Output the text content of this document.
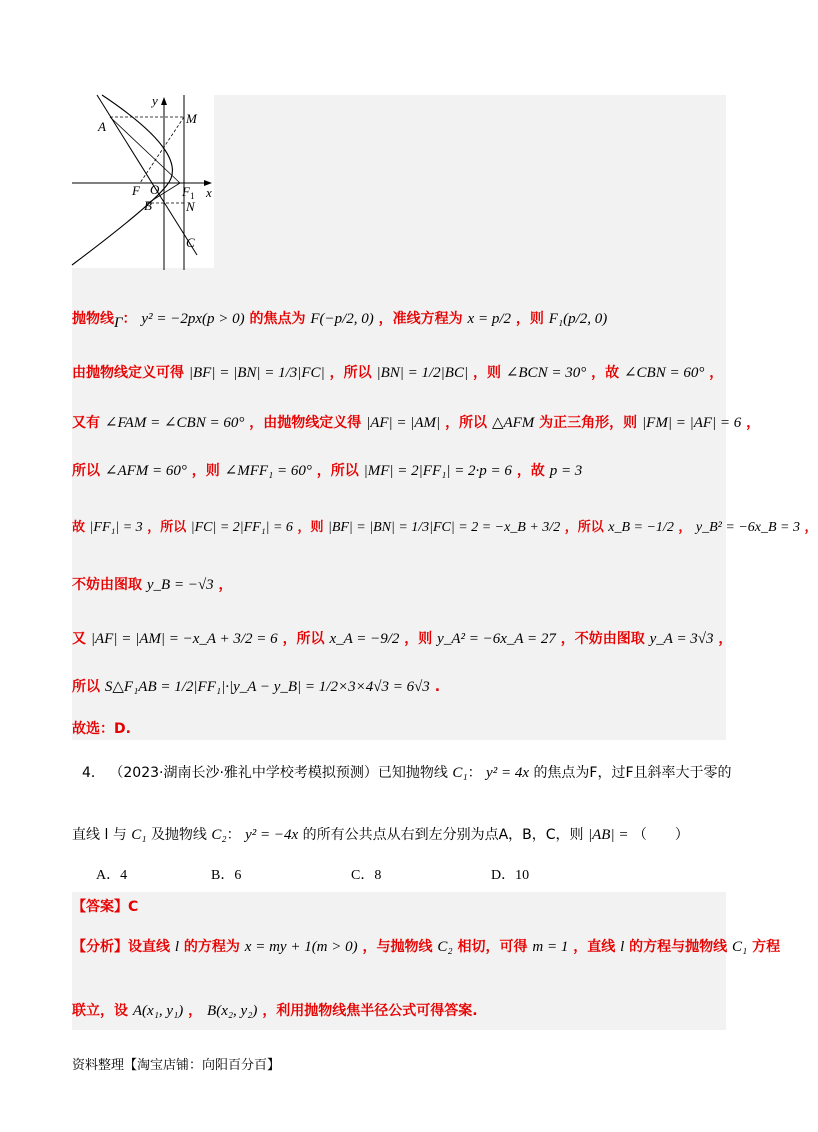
y
x
A
M
F O F 1
B	N
C
抛物线$_\Gamma$： y² = −2px(p > 0) 的焦点为 F(−p/2, 0) ，准线方程为 x = p/2 ，则 F₁(p/2, 0)
由抛物线定义可得 |BF| = |BN| = 1/3|FC| ，所以 |BN| = 1/2|BC| ，则 ∠BCN = 30° ，故 ∠CBN = 60° ，
又有 ∠FAM = ∠CBN = 60° ，由抛物线定义得 |AF| = |AM| ，所以 △AFM 为正三角形，则 |FM| = |AF| = 6 ，
所以 ∠AFM = 60° ，则 ∠MFF₁ = 60° ，所以 |MF| = 2|FF₁| = 2·p = 6 ，故 p = 3
故 |FF₁| = 3 ，所以 |FC| = 2|FF₁| = 6 ，则 |BF| = |BN| = 1/3|FC| = 2 = −x_B + 3/2 ，所以 x_B = −1/2 ， y_B² = −6x_B = 3 ，
不妨由图取 y_B = −√3 ，
又 |AF| = |AM| = −x_A + 3/2 = 6 ，所以 x_A = −9/2 ，则 y_A² = −6x_A = 27 ，不妨由图取 y_A = 3√3 ，
所以 S△F₁AB = 1/2|FF₁|·|y_A − y_B| = 1/2×3×4√3 = 6√3 .
故选：D.
4． （2023·湖南长沙·雅礼中学校考模拟预测）已知抛物线 C₁： y² = 4x 的焦点为F，过F且斜率大于零的
直线 l 与 C₁ 及抛物线 C₂： y² = −4x 的所有公共点从右到左分别为点A，B，C，则 |AB| = （　　）
A．4	B．6	C．8	D．10
【答案】C
【分析】设直线 l 的方程为 x = my + 1(m > 0) ，与抛物线 C₂ 相切，可得 m = 1 ，直线 l 的方程与抛物线 C₁ 方程
联立，设 A(x₁, y₁) ， B(x₂, y₂) ，利用抛物线焦半径公式可得答案.
资料整理【淘宝店铺：向阳百分百】
